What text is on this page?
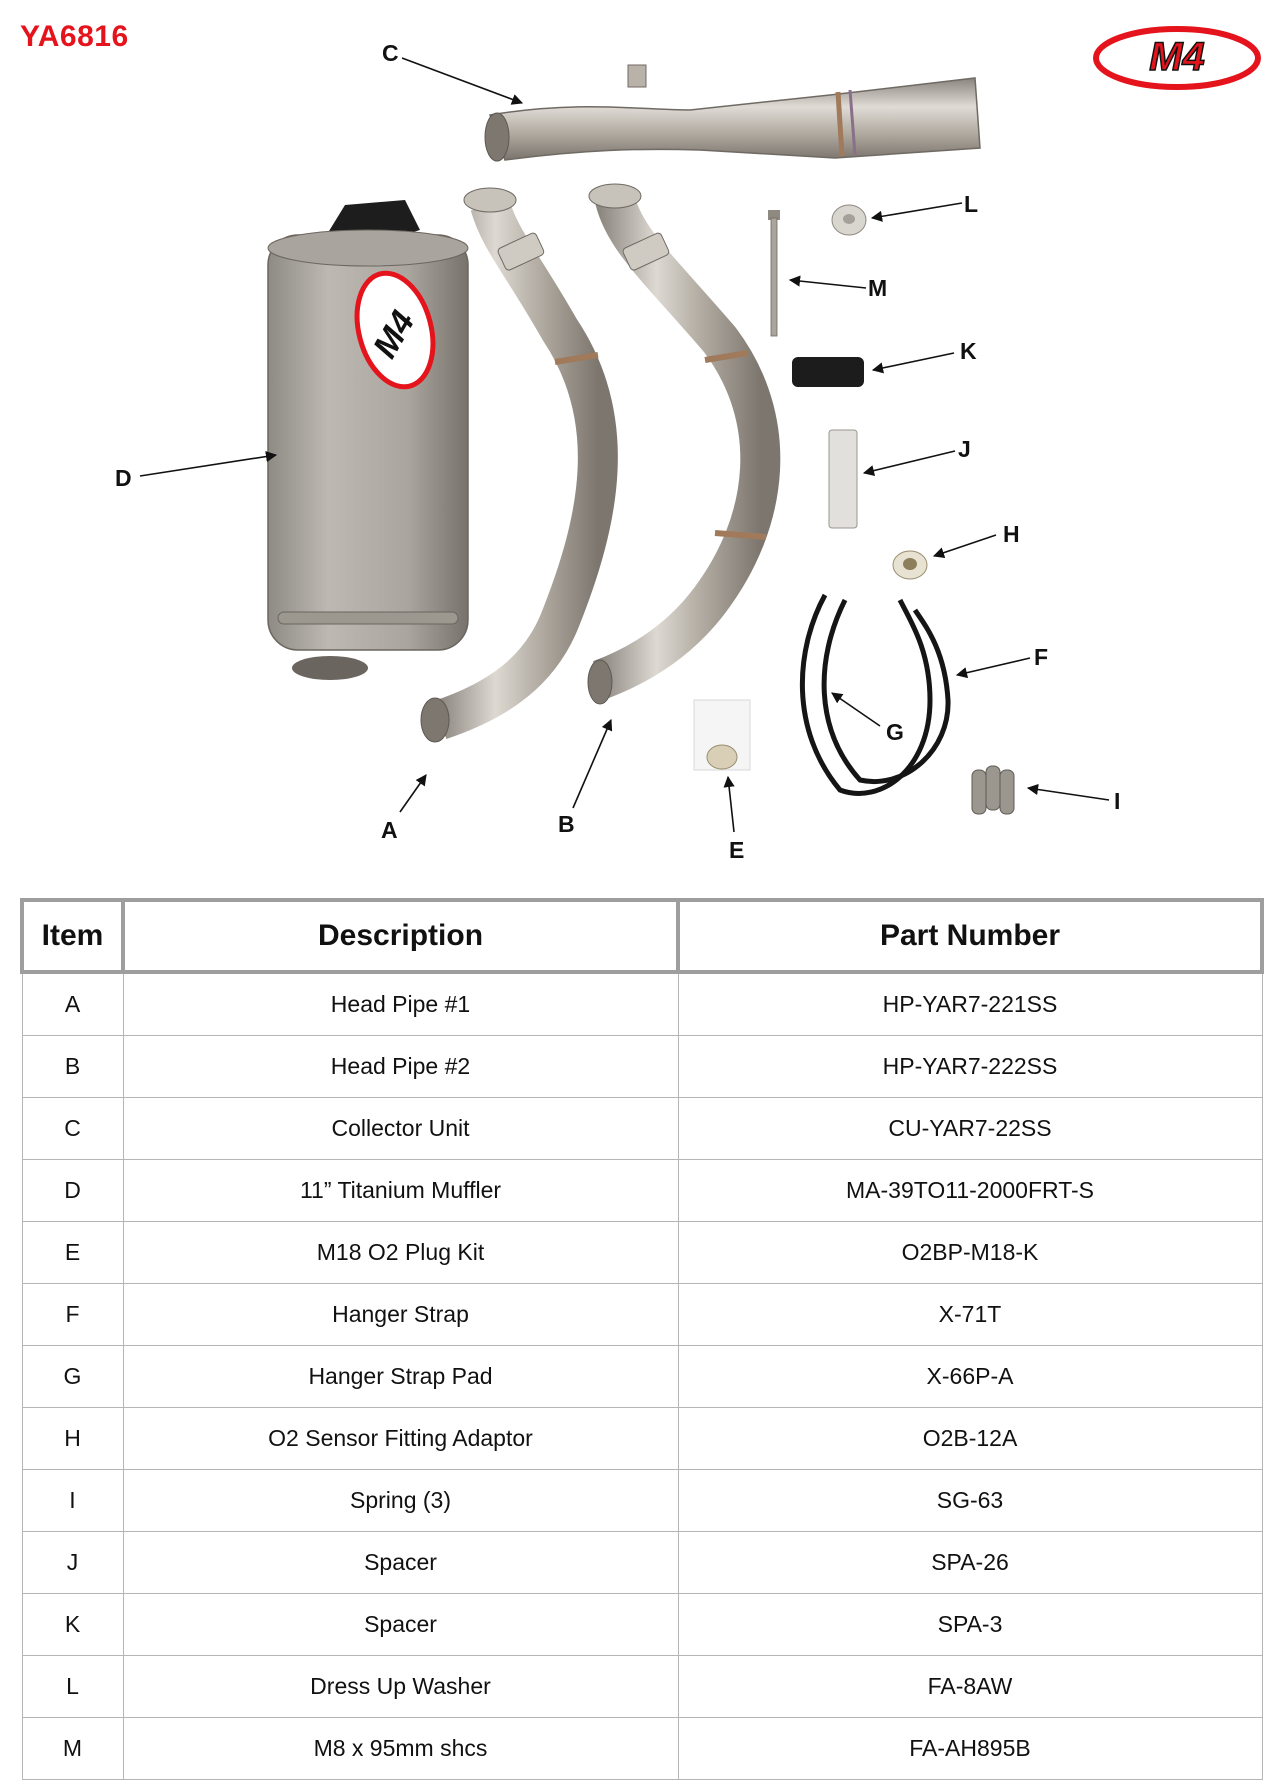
YA6816	M4
M4
C
D
L
M
K
J
H
F
G
I
A	B
E
Item	Description	Part Number
A	Head Pipe #1	HP-YAR7-221SS
B	Head Pipe #2	HP-YAR7-222SS
C	Collector Unit	CU-YAR7-22SS
D	11” Titanium Muffler	MA-39TO11-2000FRT-S
E	M18 O2 Plug Kit	O2BP-M18-K
F	Hanger Strap	X-71T
G	Hanger Strap Pad	X-66P-A
H	O2 Sensor Fitting Adaptor	O2B-12A
I	Spring (3)	SG-63
J	Spacer	SPA-26
K	Spacer	SPA-3
L	Dress Up Washer	FA-8AW
M	M8 x 95mm shcs	FA-AH895B
